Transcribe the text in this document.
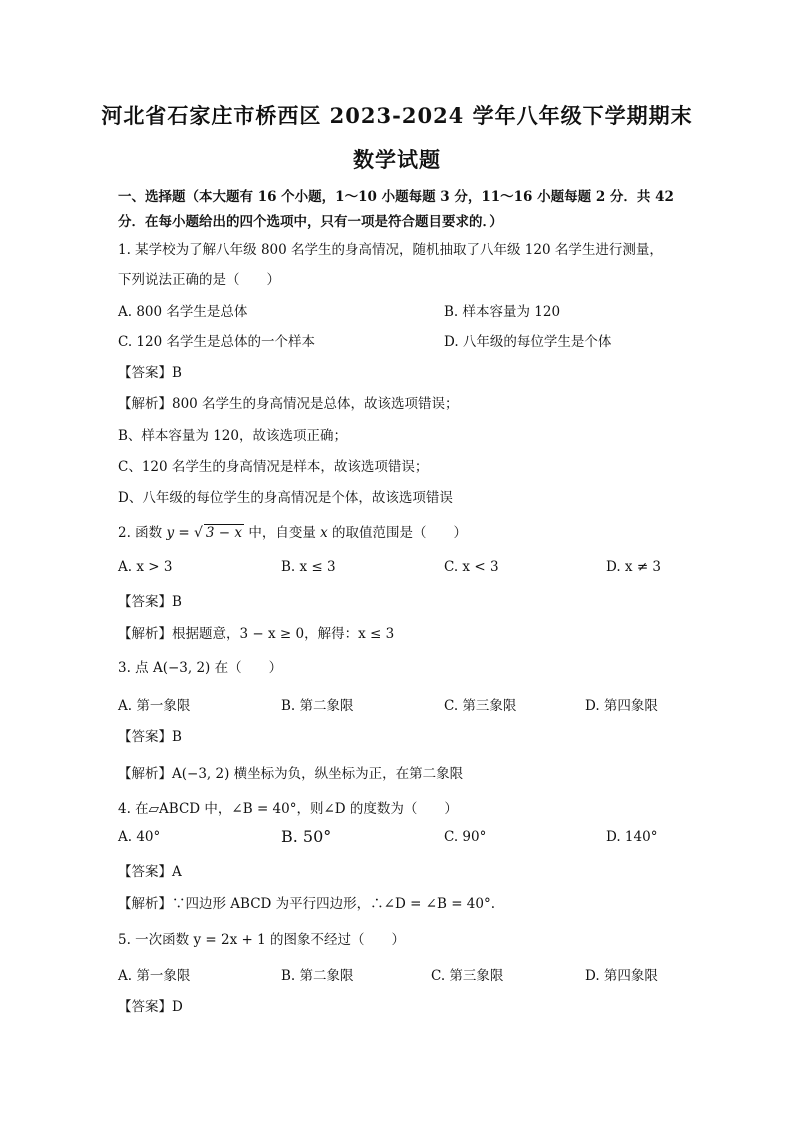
河北省石家庄市桥西区 2023-2024 学年八年级下学期期末
数学试题
一、选择题（本大题有 16 个小题，1～10 小题每题 3 分，11～16 小题每题 2 分．共 42
分．在每小题给出的四个选项中，只有一项是符合题目要求的．）
1. 某学校为了解八年级 800 名学生的身高情况，随机抽取了八年级 120 名学生进行测量，
下列说法正确的是（　　）
A. 800 名学生是总体	B. 样本容量为 120
C. 120 名学生是总体的一个样本	D. 八年级的每位学生是个体
【答案】B
【解析】800 名学生的身高情况是总体，故该选项错误；
B、样本容量为 120，故该选项正确；
C、120 名学生的身高情况是样本，故该选项错误；
D、八年级的每位学生的身高情况是个体，故该选项错误
2. 函数 y = √ 3 − x 中，自变量 x 的取值范围是（　　）
A. x > 3	B. x ≤ 3	C. x < 3	D. x ≠ 3
【答案】B
【解析】根据题意，3 − x ≥ 0，解得：x ≤ 3
3. 点 A(−3, 2) 在（　　）
A. 第一象限	B. 第二象限	C. 第三象限	D. 第四象限
【答案】B
【解析】A(−3, 2) 横坐标为负，纵坐标为正，在第二象限
4. 在▱ABCD 中，∠B = 40°，则∠D 的度数为（　　）
A. 40°	B. 50°	C. 90°	D. 140°
【答案】A
【解析】∵四边形 ABCD 为平行四边形，∴∠D = ∠B = 40°.
5. 一次函数 y = 2x + 1 的图象不经过（　　）
A. 第一象限	B. 第二象限	C. 第三象限	D. 第四象限
【答案】D
